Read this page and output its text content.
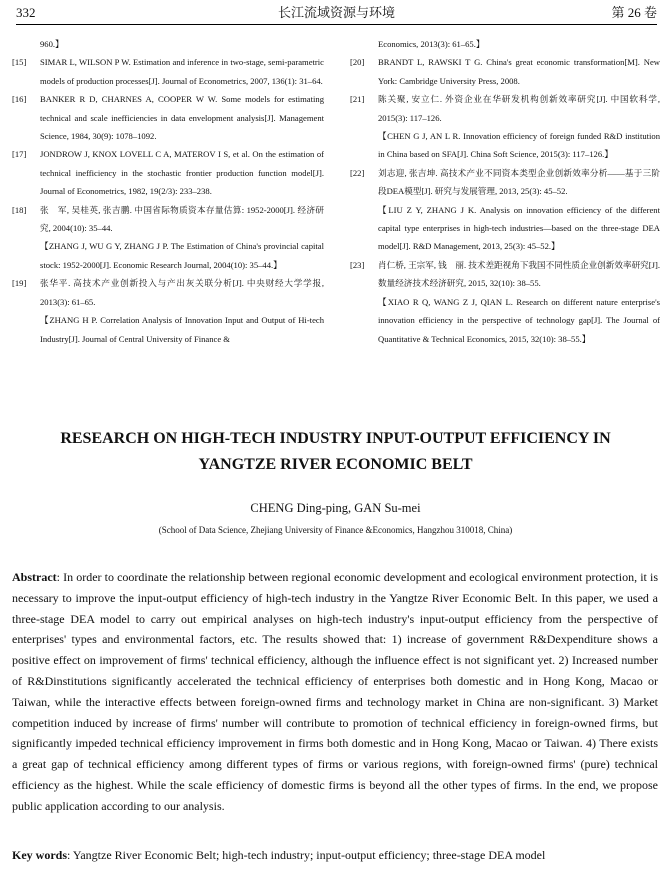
332	长江流域资源与环境	第 26 卷
960.】
[15] SIMAR L, WILSON P W. Estimation and inference in two-stage, semi-parametric models of production processes[J]. Journal of Econometrics, 2007, 136(1): 31–64.
[16] BANKER R D, CHARNES A, COOPER W W. Some models for estimating technical and scale inefficiencies in data envelopment analysis[J]. Management Science, 1984, 30(9): 1078–1092.
[17] JONDROW J, KNOX LOVELL C A, MATEROV I S, et al. On the estimation of technical inefficiency in the stochastic frontier production function model[J]. Journal of Econometrics, 1982, 19(2/3): 233–238.
[18] 张　军, 吴桂英, 张吉鹏. 中国省际物质资本存量估算: 1952-2000[J]. 经济研究, 2004(10): 35–44.
【ZHANG J, WU G Y, ZHANG J P. The Estimation of China's provincial capital stock: 1952-2000[J]. Economic Research Journal, 2004(10): 35–44.】
[19] 张华平. 高技术产业创新投入与产出灰关联分析[J]. 中央财经大学学报, 2013(3): 61–65.
【ZHANG H P. Correlation Analysis of Innovation Input and Output of Hi-tech Industry[J]. Journal of Central University of Finance &
Economics, 2013(3): 61–65.】
[20] BRANDT L, RAWSKI T G. China's great economic transformation[M]. New York: Cambridge University Press, 2008.
[21] 陈关聚, 安立仁. 外资企业在华研发机构创新效率研究[J]. 中国软科学, 2015(3): 117–126.
【CHEN G J, AN L R. Innovation efficiency of foreign funded R&D institution in China based on SFA[J]. China Soft Science, 2015(3): 117–126.】
[22] 刘志迎, 张吉坤. 高技术产业不同资本类型企业创新效率分析——基于三阶段DEA模型[J]. 研究与发展管理, 2013, 25(3): 45–52.
【LIU Z Y, ZHANG J K. Analysis on innovation efficiency of the different capital type enterprises in high-tech industries—based on the three-stage DEA model[J]. R&D Management, 2013, 25(3): 45–52.】
[23] 肖仁桥, 王宗军, 钱　丽. 技术差距视角下我国不同性质企业创新效率研究[J]. 数量经济技术经济研究, 2015, 32(10): 38–55.
【XIAO R Q, WANG Z J, QIAN L. Research on different nature enterprise's innovation efficiency in the perspective of technology gap[J]. The Journal of Quantitative & Technical Economics, 2015, 32(10): 38–55.】
RESEARCH ON HIGH-TECH INDUSTRY INPUT-OUTPUT EFFICIENCY IN
YANGTZE RIVER ECONOMIC BELT
CHENG Ding-ping, GAN Su-mei
(School of Data Science, Zhejiang University of Finance &Economics, Hangzhou 310018, China)
Abstract: In order to coordinate the relationship between regional economic development and ecological environment protection, it is necessary to improve the input-output efficiency of high-tech industry in the Yangtze River Economic Belt. In this paper, we used a three-stage DEA model to carry out empirical analyses on high-tech industry's input-output efficiency from the perspective of enterprises' types and environmental factors, etc. The results showed that: 1) increase of government R&Dexpenditure shows a positive effect on improvement of firms' technical efficiency, although the influence effect is not significant yet. 2) Increased number of R&Dinstitutions significantly accelerated the technical efficiency of enterprises both domestic and in Hong Kong, Macao or Taiwan, while the interactive effects between foreign-owned firms and technology market in China are non-significant. 3) Market competition induced by increase of firms' number will contribute to promotion of technical efficiency in foreign-owned firms, but significantly impeded technical efficiency improvement in firms both domestic and in Hong Kong, Macao or Taiwan. 4) There exists a great gap of technical efficiency among different types of firms or various regions, with foreign-owned firms' (pure) technical efficiency as the highest. While the scale efficiency of domestic firms is beyond all the other types of firms. In the end, we propose public application according to our analysis.
Key words: Yangtze River Economic Belt; high-tech industry; input-output efficiency; three-stage DEA model
